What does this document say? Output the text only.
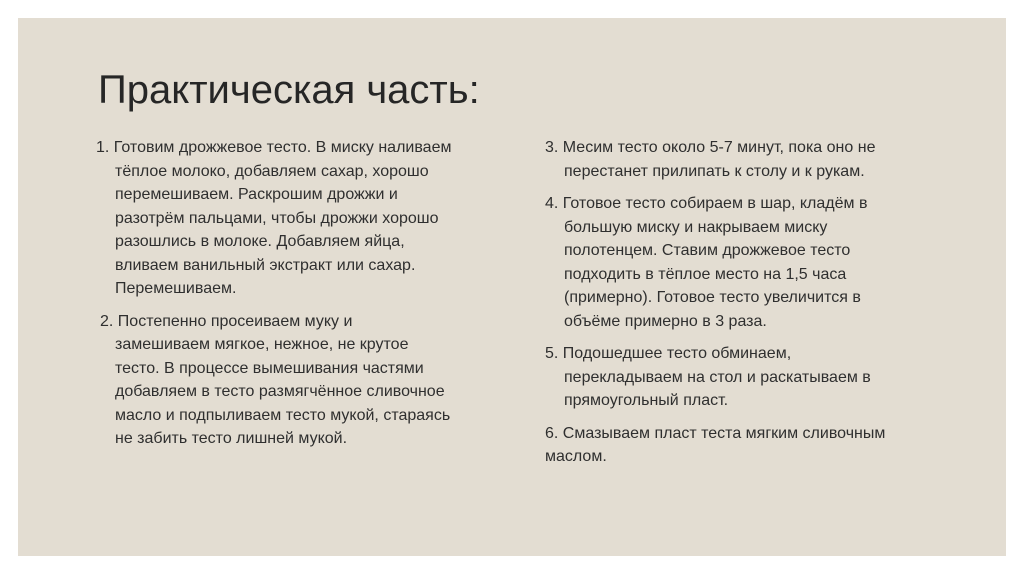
Практическая часть:
1. Готовим дрожжевое тесто. В миску наливаем
тёплое молоко, добавляем сахар, хорошо
перемешиваем. Раскрошим дрожжи и
разотрём пальцами, чтобы дрожжи хорошо
разошлись в молоке. Добавляем яйца,
вливаем ванильный экстракт или сахар.
Перемешиваем.
2. Постепенно просеиваем муку и
замешиваем мягкое, нежное, не крутое
тесто. В процессе вымешивания частями
добавляем в тесто размягчённое сливочное
масло и подпыливаем тесто мукой, стараясь
не забить тесто лишней мукой.
3. Месим тесто около 5-7 минут, пока оно не
перестанет прилипать к столу и к рукам.
4. Готовое тесто собираем в шар, кладём в
большую миску и накрываем миску
полотенцем. Ставим дрожжевое тесто
подходить в тёплое место на 1,5 часа
(примерно). Готовое тесто увеличится в
объёме примерно в 3 раза.
5. Подошедшее тесто обминаем,
перекладываем на стол и раскатываем в
прямоугольный пласт.
6. Смазываем пласт теста мягким сливочным
маслом.
